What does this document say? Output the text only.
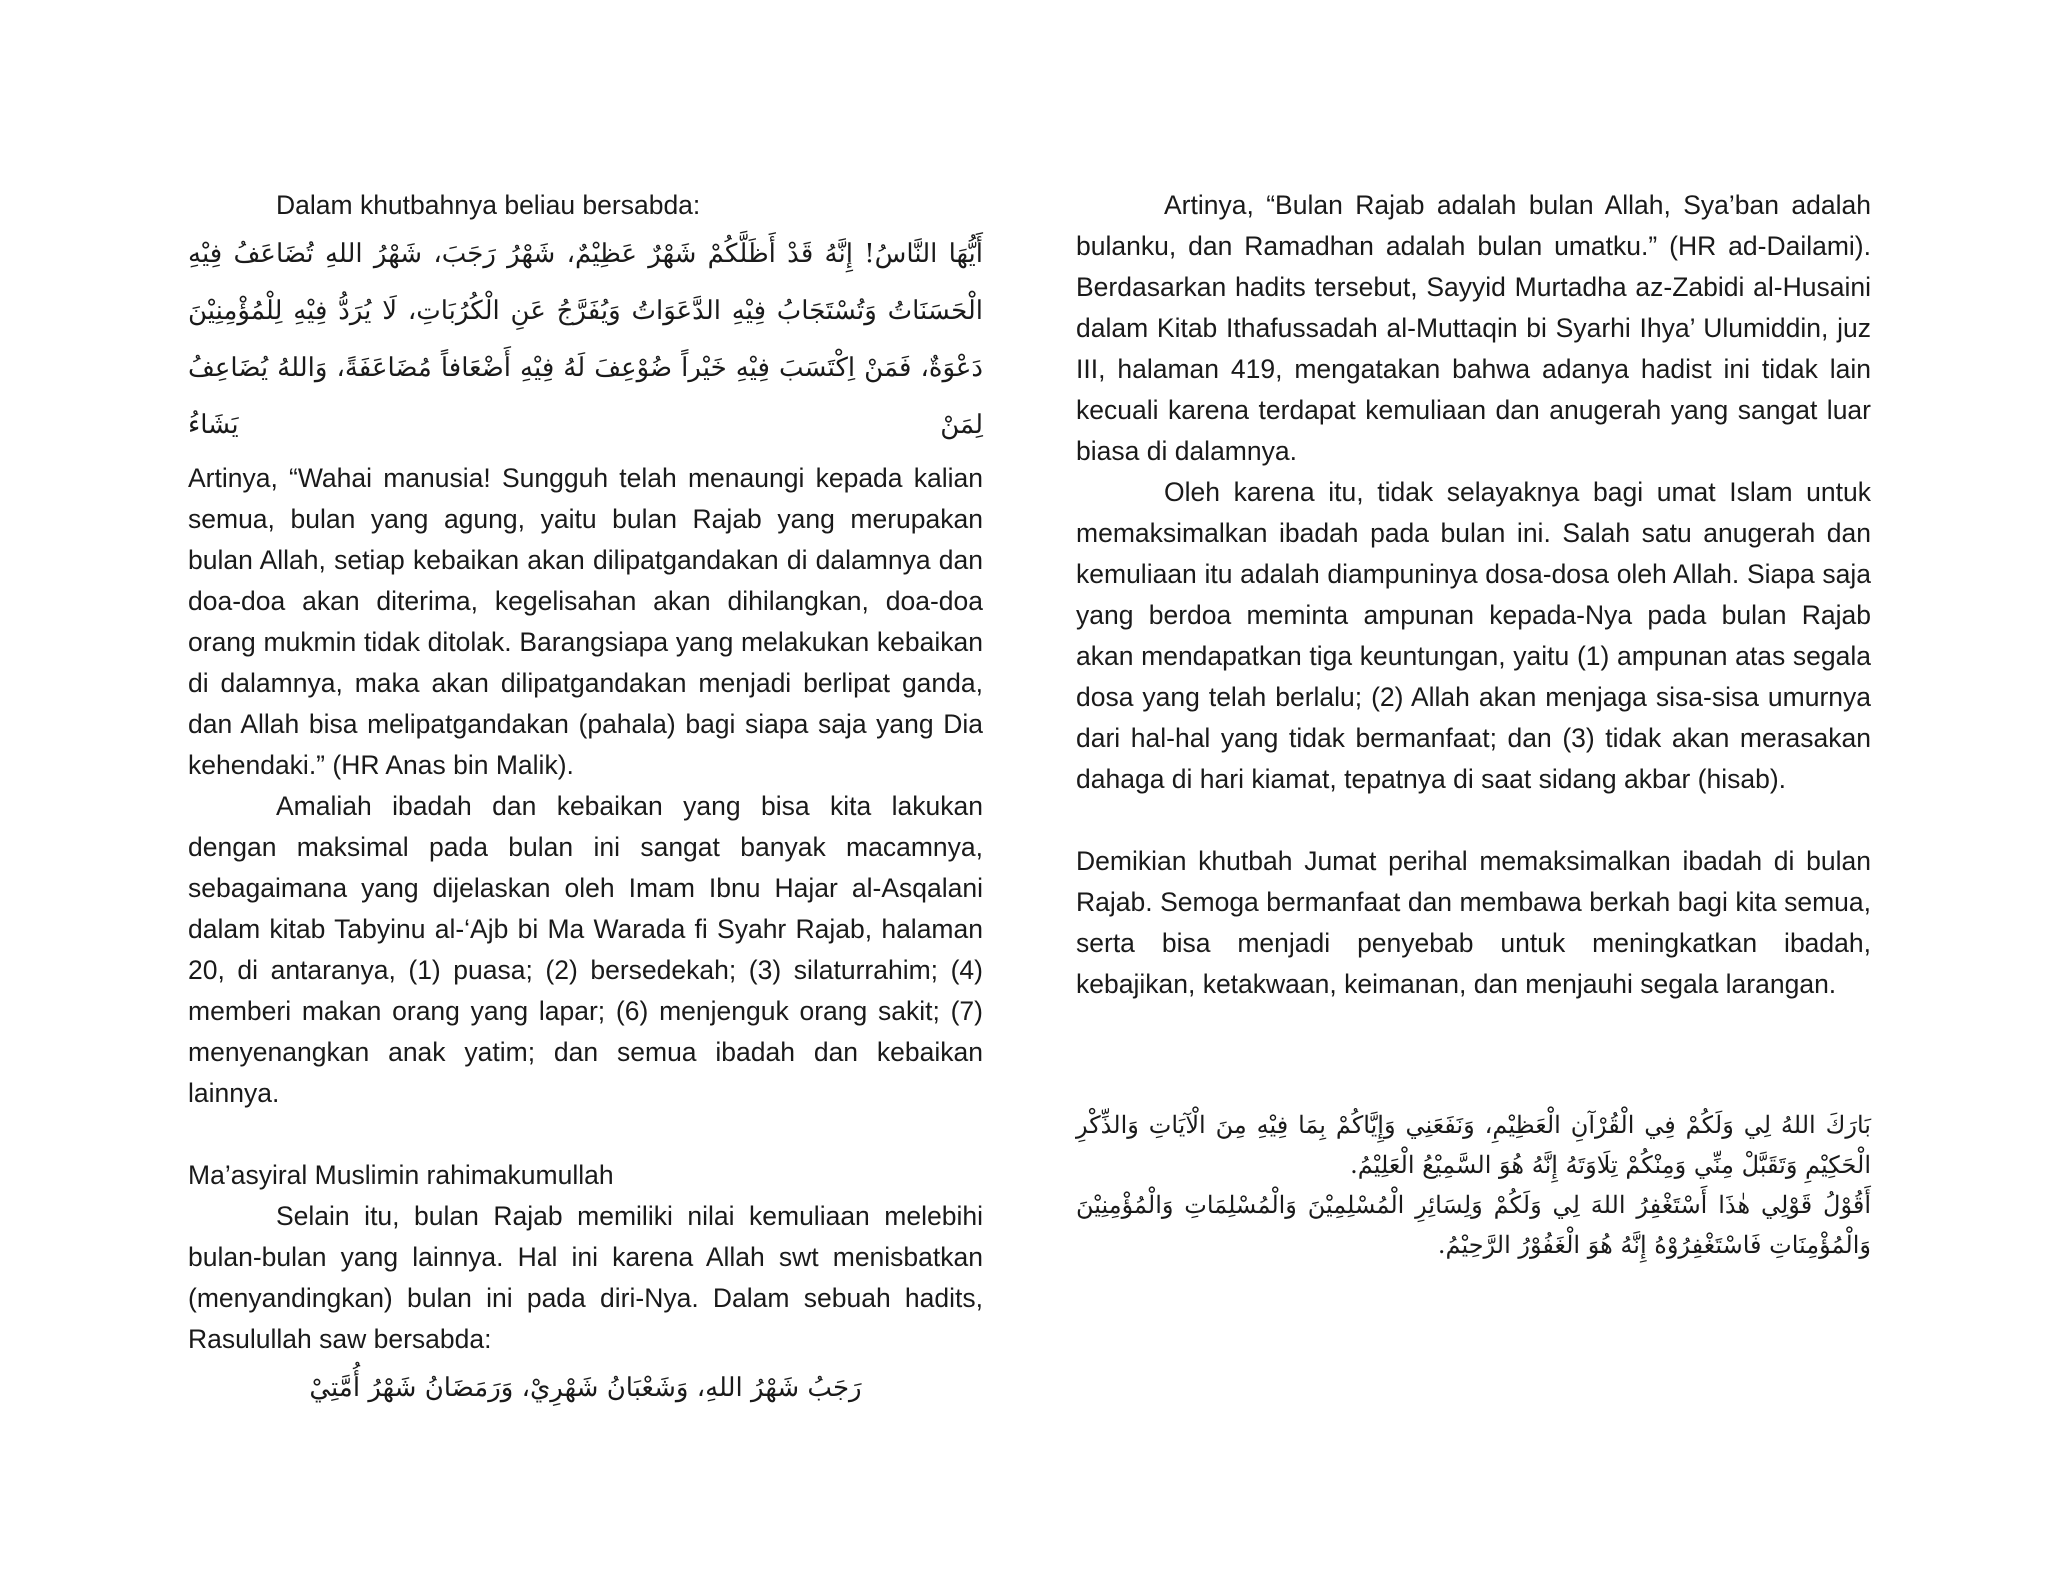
Dalam khutbahnya beliau bersabda:

أَيُّهَا النَّاسُ! إِنَّهُ قَدْ أَظَلَّكُمْ شَهْرٌ عَظِيْمٌ، شَهْرُ رَجَبَ، شَهْرُ اللهِ تُضَاعَفُ فِيْهِ الْحَسَنَاتُ وَتُسْتَجَابُ فِيْهِ الدَّعَوَاتُ وَيُفَرَّجُ عَنِ الْكُرُبَاتِ، لَا يُرَدُّ فِيْهِ لِلْمُؤْمِنِيْنَ دَعْوَةٌ، فَمَنْ اِكْتَسَبَ فِيْهِ خَيْراً ضُوْعِفَ لَهُ فِيْهِ أَضْعَافاً مُضَاعَفَةً، وَاللهُ يُضَاعِفُ لِمَنْ يَشَاءُ

Artinya, “Wahai manusia! Sungguh telah menaungi kepada kalian semua, bulan yang agung, yaitu bulan Rajab yang merupakan bulan Allah, setiap kebaikan akan dilipatgandakan di dalamnya dan doa-doa akan diterima, kegelisahan akan dihilangkan, doa-doa orang mukmin tidak ditolak. Barangsiapa yang melakukan kebaikan di dalamnya, maka akan dilipatgandakan menjadi berlipat ganda, dan Allah bisa melipatgandakan (pahala) bagi siapa saja yang Dia kehendaki.” (HR Anas bin Malik).

Amaliah ibadah dan kebaikan yang bisa kita lakukan dengan maksimal pada bulan ini sangat banyak macamnya, sebagaimana yang dijelaskan oleh Imam Ibnu Hajar al-Asqalani dalam kitab Tabyinu al-‘Ajb bi Ma Warada fi Syahr Rajab, halaman 20, di antaranya, (1) puasa; (2) bersedekah; (3) silaturrahim; (4) memberi makan orang yang lapar; (6) menjenguk orang sakit; (7) menyenangkan anak yatim; dan semua ibadah dan kebaikan lainnya.

Ma’asyiral Muslimin rahimakumullah

Selain itu, bulan Rajab memiliki nilai kemuliaan melebihi bulan-bulan yang lainnya. Hal ini karena Allah swt menisbatkan (menyandingkan) bulan ini pada diri-Nya. Dalam sebuah hadits, Rasulullah saw bersabda:

رَجَبُ شَهْرُ اللهِ، وَشَعْبَانُ شَهْرِيْ، وَرَمَضَانُ شَهْرُ أُمَّتِيْ

Artinya, “Bulan Rajab adalah bulan Allah, Sya’ban adalah bulanku, dan Ramadhan adalah bulan umatku.” (HR ad-Dailami). Berdasarkan hadits tersebut, Sayyid Murtadha az-Zabidi al-Husaini dalam Kitab Ithafussadah al-Muttaqin bi Syarhi Ihya’ Ulumiddin, juz III, halaman 419, mengatakan bahwa adanya hadist ini tidak lain kecuali karena terdapat kemuliaan dan anugerah yang sangat luar biasa di dalamnya.

Oleh karena itu, tidak selayaknya bagi umat Islam untuk memaksimalkan ibadah pada bulan ini. Salah satu anugerah dan kemuliaan itu adalah diampuninya dosa-dosa oleh Allah. Siapa saja yang berdoa meminta ampunan kepada-Nya pada bulan Rajab akan mendapatkan tiga keuntungan, yaitu (1) ampunan atas segala dosa yang telah berlalu; (2) Allah akan menjaga sisa-sisa umurnya dari hal-hal yang tidak bermanfaat; dan (3) tidak akan merasakan dahaga di hari kiamat, tepatnya di saat sidang akbar (hisab).

Demikian khutbah Jumat perihal memaksimalkan ibadah di bulan Rajab. Semoga bermanfaat dan membawa berkah bagi kita semua, serta bisa menjadi penyebab untuk meningkatkan ibadah, kebajikan, ketakwaan, keimanan, dan menjauhi segala larangan.

بَارَكَ اللهُ لِي وَلَكُمْ فِي الْقُرْآنِ الْعَظِيْمِ، وَنَفَعَنِي وَإِيَّاكُمْ بِمَا فِيْهِ مِنَ الْآيَاتِ وَالذِّكْرِ الْحَكِيْمِ وَتَقَبَّلْ مِنِّي وَمِنْكُمْ تِلَاوَتَهُ إِنَّهُ هُوَ السَّمِيْعُ الْعَلِيْمُ.

أَقُوْلُ قَوْلِي هٰذَا أَسْتَغْفِرُ اللهَ لِي وَلَكُمْ وَلِسَائِرِ الْمُسْلِمِيْنَ وَالْمُسْلِمَاتِ وَالْمُؤْمِنِيْنَ وَالْمُؤْمِنَاتِ فَاسْتَغْفِرُوْهُ إِنَّهُ هُوَ الْغَفُوْرُ الرَّحِيْمُ.
